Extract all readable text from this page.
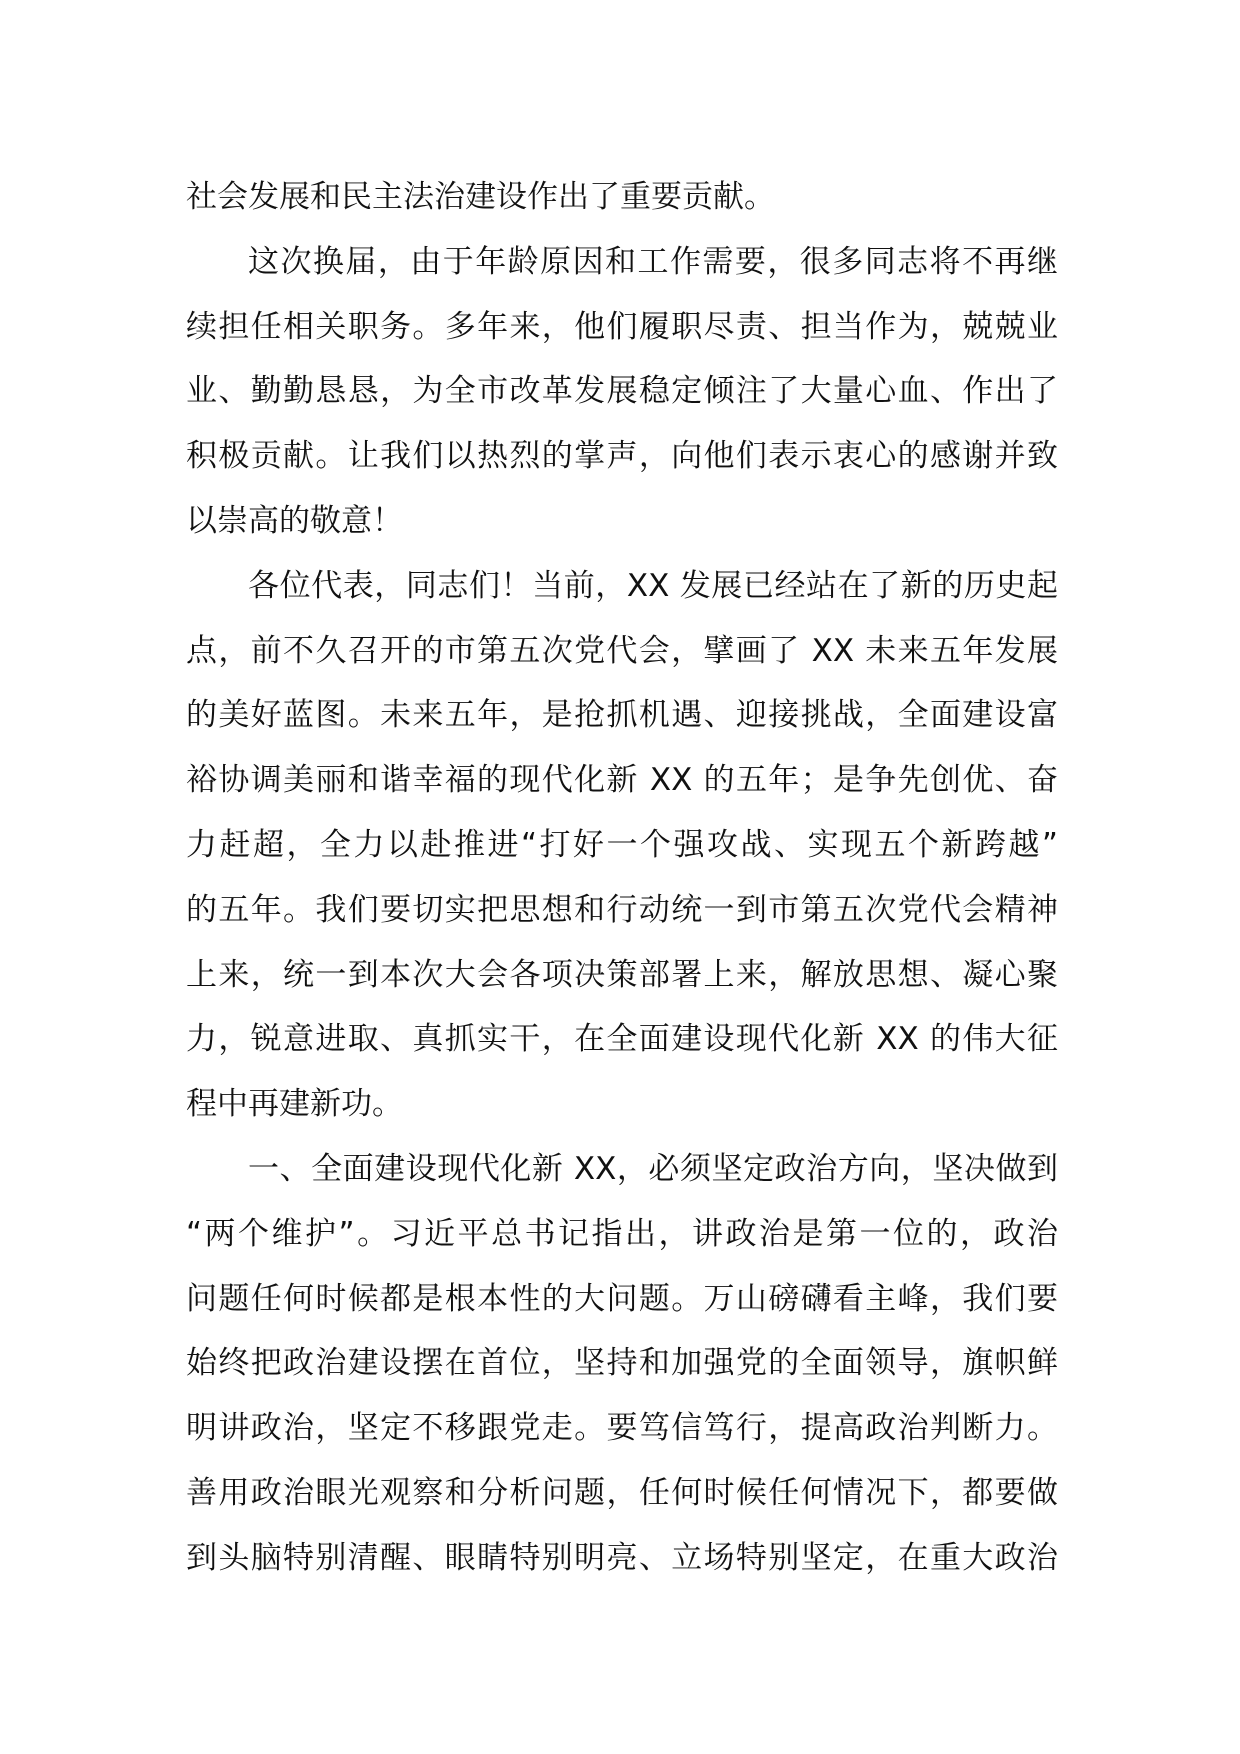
社会发展和民主法治建设作出了重要贡献。
这次换届，由于年龄原因和工作需要，很多同志将不再继
续担任相关职务。多年来，他们履职尽责、担当作为，兢兢业
业、勤勤恳恳，为全市改革发展稳定倾注了大量心血、作出了
积极贡献。让我们以热烈的掌声，向他们表示衷心的感谢并致
以崇高的敬意！
各位代表，同志们！当前，XX 发展已经站在了新的历史起
点，前不久召开的市第五次党代会，擘画了 XX 未来五年发展
的美好蓝图。未来五年，是抢抓机遇、迎接挑战，全面建设富
裕协调美丽和谐幸福的现代化新 XX 的五年；是争先创优、奋
力赶超，全力以赴推进“打好一个强攻战、实现五个新跨越”
的五年。我们要切实把思想和行动统一到市第五次党代会精神
上来，统一到本次大会各项决策部署上来，解放思想、凝心聚
力，锐意进取、真抓实干，在全面建设现代化新 XX 的伟大征
程中再建新功。
一、全面建设现代化新 XX，必须坚定政治方向，坚决做到
“两个维护”。习近平总书记指出，讲政治是第一位的，政治
问题任何时候都是根本性的大问题。万山磅礴看主峰，我们要
始终把政治建设摆在首位，坚持和加强党的全面领导，旗帜鲜
明讲政治，坚定不移跟党走。要笃信笃行，提高政治判断力。
善用政治眼光观察和分析问题，任何时候任何情况下，都要做
到头脑特别清醒、眼睛特别明亮、立场特别坚定，在重大政治
